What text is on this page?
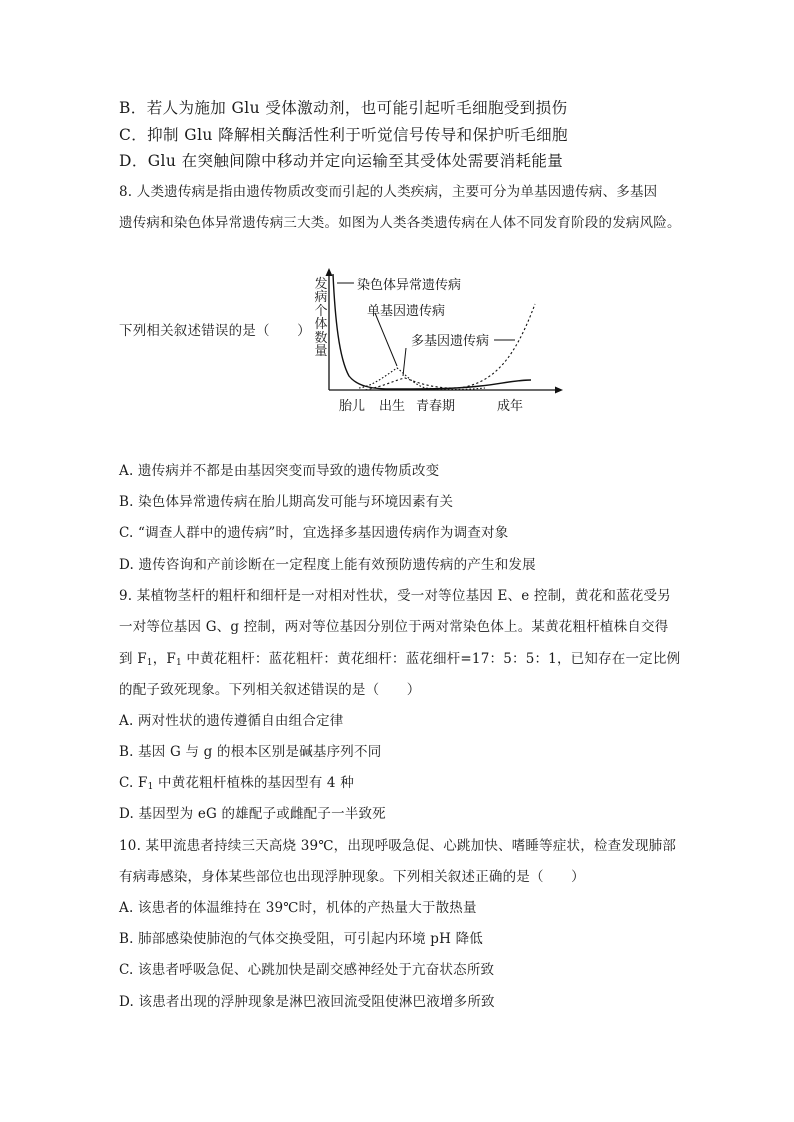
B．若人为施加 Glu 受体激动剂，也可能引起听毛细胞受到损伤
C．抑制 Glu 降解相关酶活性利于听觉信号传导和保护听毛细胞
D．Glu 在突触间隙中移动并定向运输至其受体处需要消耗能量
8. 人类遗传病是指由遗传物质改变而引起的人类疾病，主要可分为单基因遗传病、多基因
遗传病和染色体异常遗传病三大类。如图为人类各类遗传病在人体不同发育阶段的发病风险。
下列相关叙述错误的是（　　）
发病个体数量
染色体异常遗传病
单基因遗传病
多基因遗传病
胎儿 出生 青春期	成年
A. 遗传病并不都是由基因突变而导致的遗传物质改变
B. 染色体异常遗传病在胎儿期高发可能与环境因素有关
C. “调查人群中的遗传病”时，宜选择多基因遗传病作为调查对象
D. 遗传咨询和产前诊断在一定程度上能有效预防遗传病的产生和发展
9. 某植物茎杆的粗杆和细杆是一对相对性状，受一对等位基因 E、e 控制，黄花和蓝花受另
一对等位基因 G、g 控制，两对等位基因分别位于两对常染色体上。某黄花粗杆植株自交得
到 $F_1$，$F_1$ 中黄花粗杆：蓝花粗杆：黄花细杆：蓝花细杆=17：5：5：1，已知存在一定比例
的配子致死现象。下列相关叙述错误的是（　　）
A. 两对性状的遗传遵循自由组合定律
B. 基因 G 与 g 的根本区别是碱基序列不同
C. $F_1$ 中黄花粗杆植株的基因型有 4 种
D. 基因型为 eG 的雄配子或雌配子一半致死
10. 某甲流患者持续三天高烧 39℃，出现呼吸急促、心跳加快、嗜睡等症状，检查发现肺部
有病毒感染，身体某些部位也出现浮肿现象。下列相关叙述正确的是（　　）
A. 该患者的体温维持在 39℃时，机体的产热量大于散热量
B. 肺部感染使肺泡的气体交换受阻，可引起内环境 pH 降低
C. 该患者呼吸急促、心跳加快是副交感神经处于亢奋状态所致
D. 该患者出现的浮肿现象是淋巴液回流受阻使淋巴液增多所致
